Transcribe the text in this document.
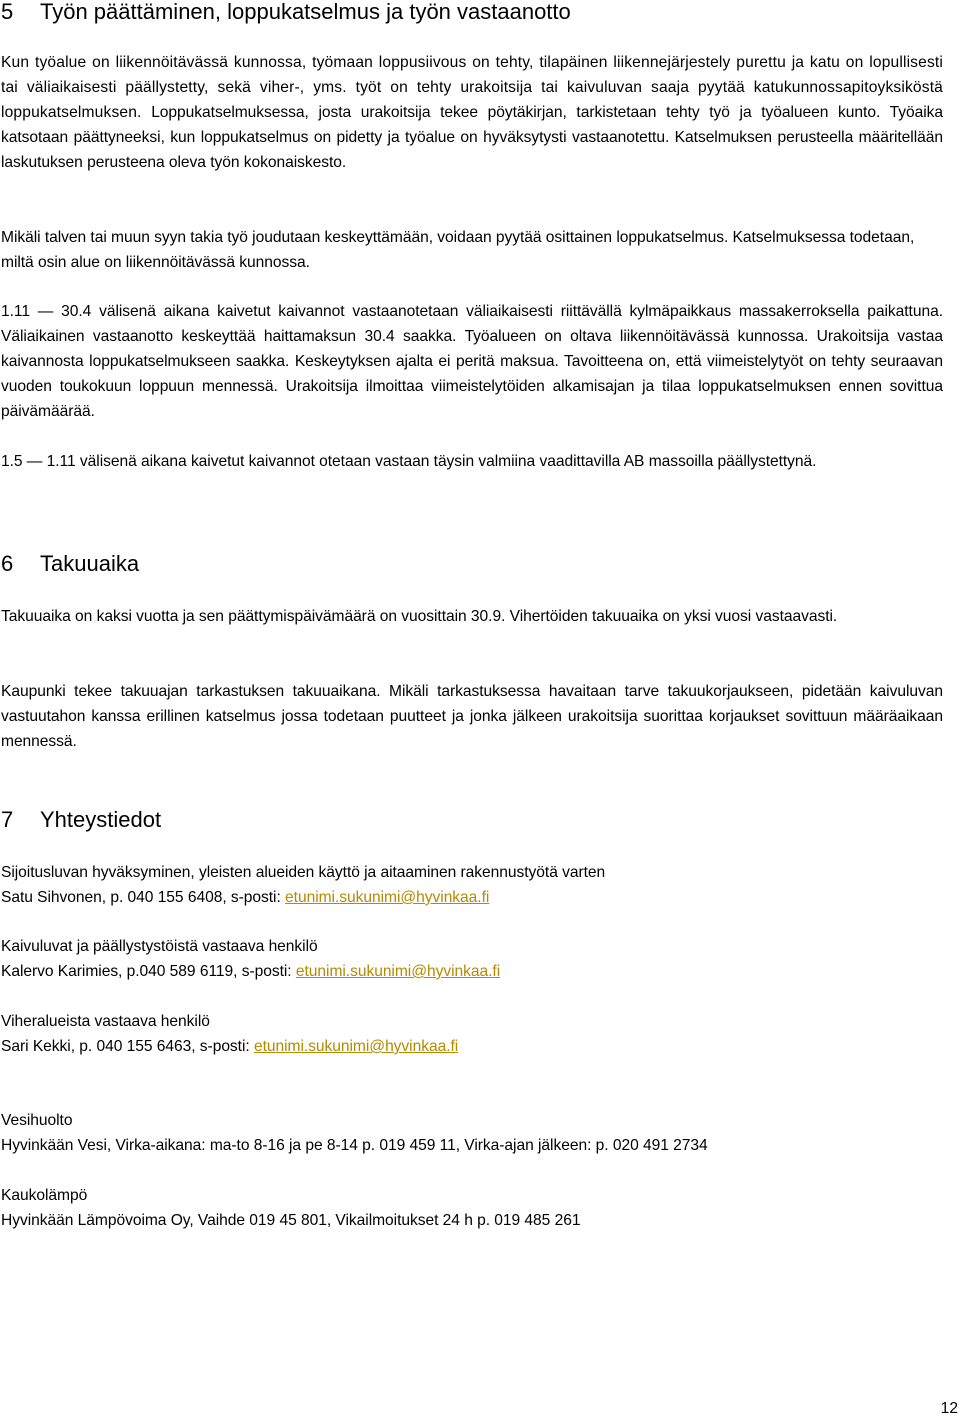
5 Työn päättäminen, loppukatselmus ja työn vastaanotto

Kun työalue on liikennöitävässä kunnossa, työmaan loppusiivous on tehty, tilapäinen liikennejärjestely purettu ja katu on lopullisesti tai väliaikaisesti päällystetty, sekä viher-, yms. työt on tehty urakoitsija tai kaivuluvan saaja pyytää katukunnossapitoyksiköstä loppukatselmuksen. Loppukatselmuksessa, josta urakoitsija tekee pöytäkirjan, tarkistetaan tehty työ ja työalueen kunto. Työaika katsotaan päättyneeksi, kun loppukatselmus on pidetty ja työalue on hyväksytysti vastaanotettu. Katselmuksen perusteella määritellään laskutuksen perusteena oleva työn kokonaiskesto.

Mikäli talven tai muun syyn takia työ joudutaan keskeyttämään, voidaan pyytää osittainen loppukatselmus. Katselmuksessa todetaan, miltä osin alue on liikennöitävässä kunnossa.

1.11 — 30.4 välisenä aikana kaivetut kaivannot vastaanotetaan väliaikaisesti riittävällä kylmäpaikkaus massakerroksella paikattuna. Väliaikainen vastaanotto keskeyttää haittamaksun 30.4 saakka. Työalueen on oltava liikennöitävässä kunnossa. Urakoitsija vastaa kaivannosta loppukatselmukseen saakka. Keskeytyksen ajalta ei peritä maksua. Tavoitteena on, että viimeistelytyöt on tehty seuraavan vuoden toukokuun loppuun mennessä. Urakoitsija ilmoittaa viimeistelytöiden alkamisajan ja tilaa loppukatselmuksen ennen sovittua päivämäärää.

1.5 — 1.11 välisenä aikana kaivetut kaivannot otetaan vastaan täysin valmiina vaadittavilla AB massoilla päällystettynä.

6 Takuuaika

Takuuaika on kaksi vuotta ja sen päättymispäivämäärä on vuosittain 30.9. Vihertöiden takuuaika on yksi vuosi vastaavasti.

Kaupunki tekee takuuajan tarkastuksen takuuaikana. Mikäli tarkastuksessa havaitaan tarve takuukorjaukseen, pidetään kaivuluvan vastuutahon kanssa erillinen katselmus jossa todetaan puutteet ja jonka jälkeen urakoitsija suorittaa korjaukset sovittuun määräaikaan mennessä.

7 Yhteystiedot

Sijoitusluvan hyväksyminen, yleisten alueiden käyttö ja aitaaminen rakennustyötä varten

Satu Sihvonen, p. 040 155 6408, s-posti: etunimi.sukunimi@hyvinkaa.fi

Kaivuluvat ja päällystystöistä vastaava henkilö

Kalervo Karimies, p.040 589 6119, s-posti: etunimi.sukunimi@hyvinkaa.fi

Viheralueista vastaava henkilö

Sari Kekki, p. 040 155 6463, s-posti: etunimi.sukunimi@hyvinkaa.fi

Vesihuolto

Hyvinkään Vesi, Virka-aikana: ma-to 8-16 ja pe 8-14 p. 019 459 11, Virka-ajan jälkeen: p. 020 491 2734

Kaukolämpö

Hyvinkään Lämpövoima Oy, Vaihde 019 45 801, Vikailmoitukset 24 h p. 019 485 261

12
